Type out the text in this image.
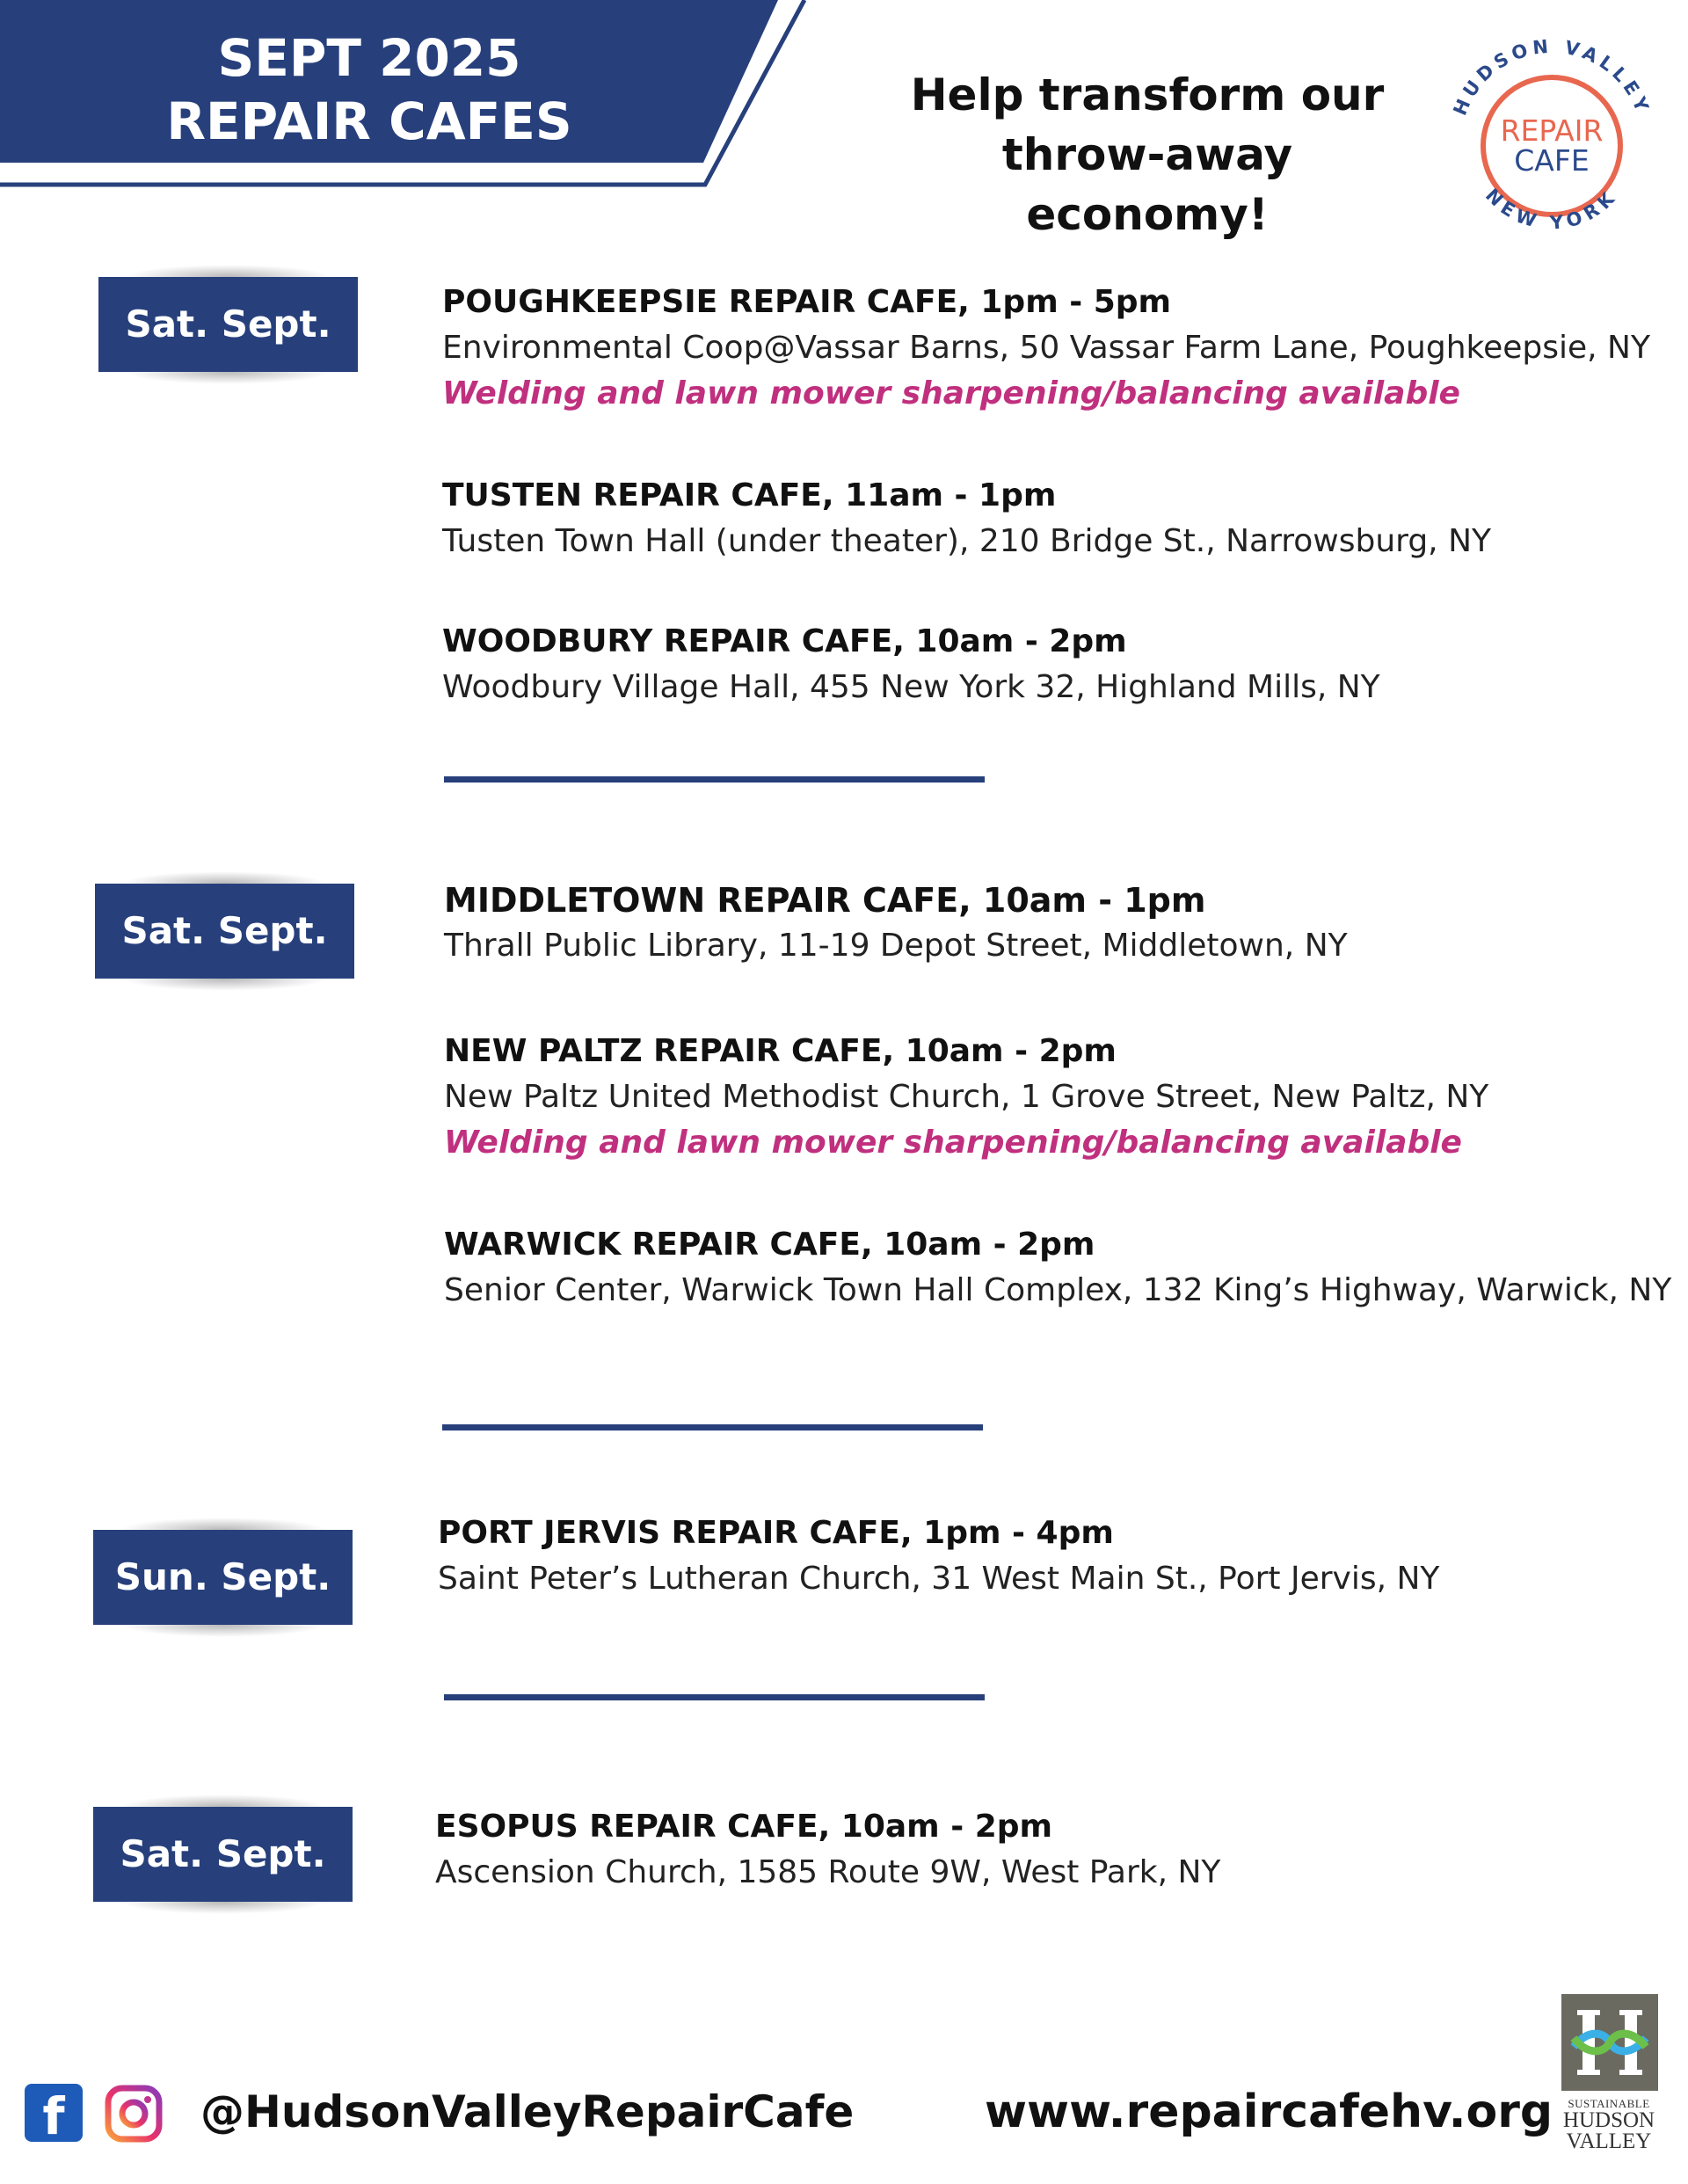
SEPT 2025
REPAIR CAFES	Help transform our
throw-away economy!
HUDSON VALLEY
NEW YORK
REPAIR
CAFE
Sat. Sept. 13
POUGHKEEPSIE REPAIR CAFE, 1pm - 5pm
Environmental Coop@Vassar Barns, 50 Vassar Farm Lane, Poughkeepsie, NY
Welding and lawn mower sharpening/balancing available
TUSTEN REPAIR CAFE, 11am - 1pm
Tusten Town Hall (under theater), 210 Bridge St., Narrowsburg, NY
WOODBURY REPAIR CAFE, 10am - 2pm
Woodbury Village Hall, 455 New York 32, Highland Mills, NY
Sat. Sept. 20
MIDDLETOWN REPAIR CAFE, 10am - 1pm
Thrall Public Library, 11-19 Depot Street, Middletown, NY
NEW PALTZ REPAIR CAFE, 10am - 2pm
New Paltz United Methodist Church, 1 Grove Street, New Paltz, NY
Welding and lawn mower sharpening/balancing available
WARWICK REPAIR CAFE, 10am - 2pm
Senior Center, Warwick Town Hall Complex, 132 King’s Highway, Warwick, NY
Sun. Sept. 21
PORT JERVIS REPAIR CAFE, 1pm - 4pm
Saint Peter’s Lutheran Church, 31 West Main St., Port Jervis, NY
Sat. Sept. 27
ESOPUS REPAIR CAFE, 10am - 2pm
Ascension Church, 1585 Route 9W, West Park, NY
f	@HudsonValleyRepairCafe	www.repaircafehv.org	SUSTAINABLE
HUDSON
VALLEY
